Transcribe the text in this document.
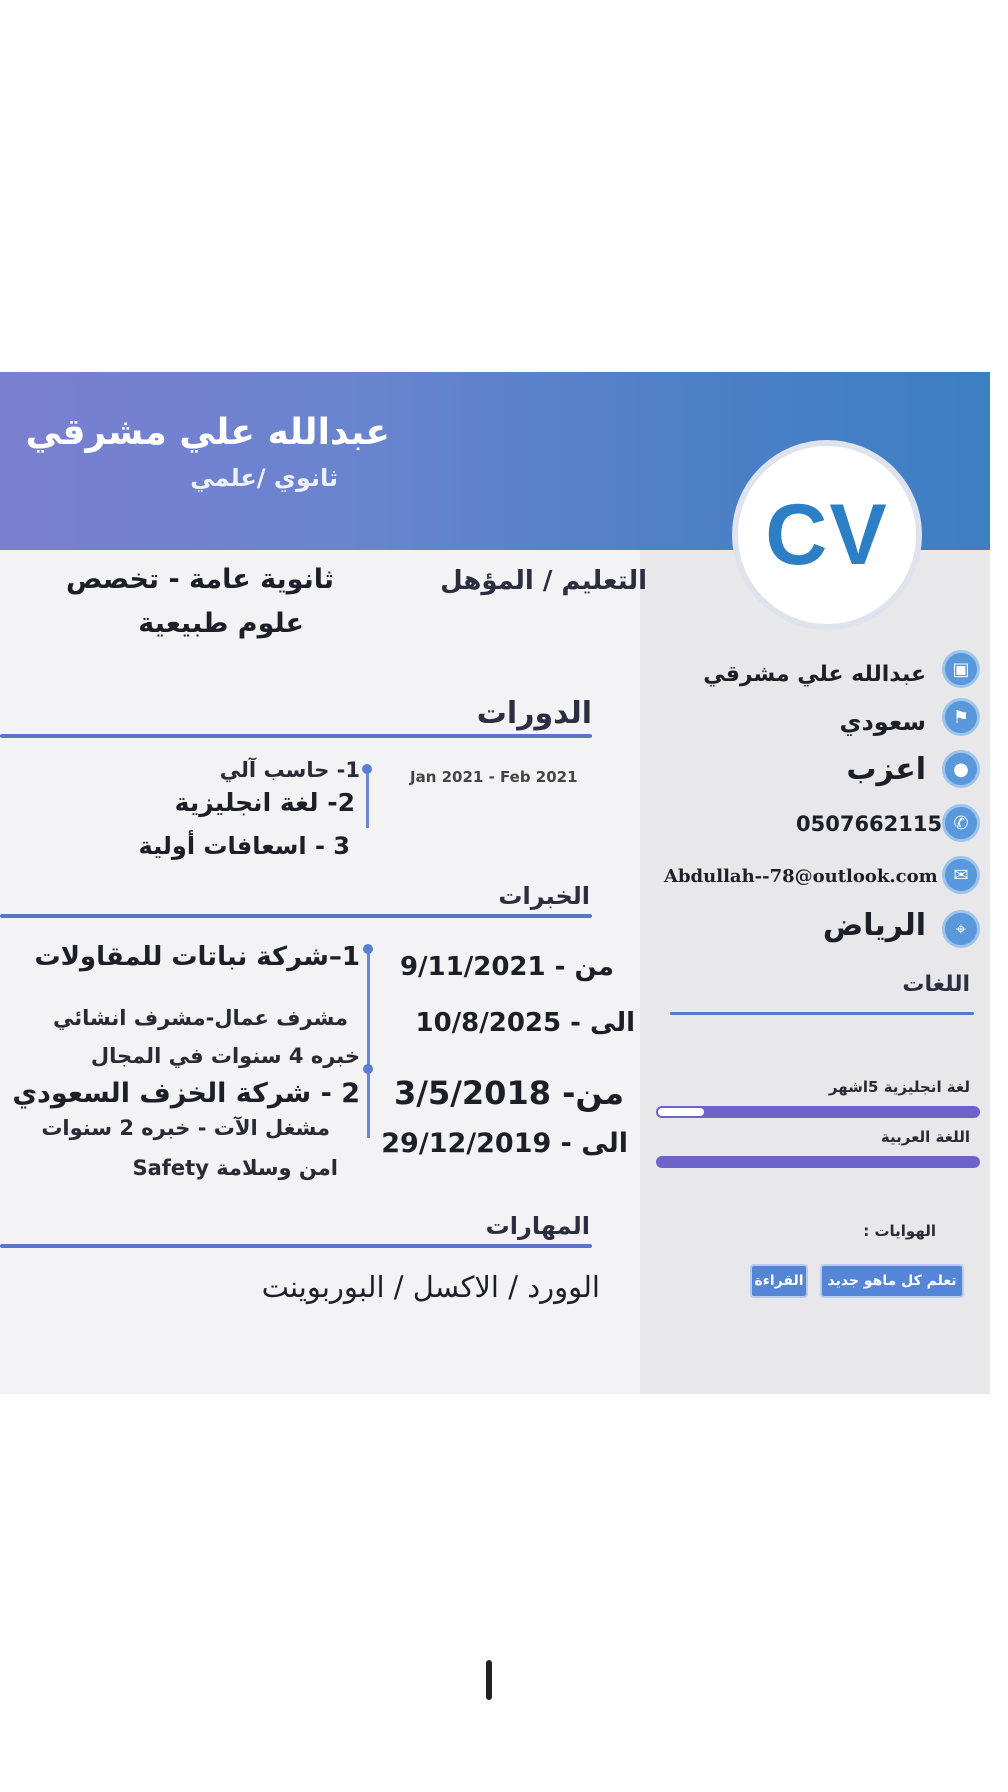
عبدالله علي مشرقي
ثانوي /علمي
CV
التعليم / المؤهل
ثانوية عامة - تخصص
علوم طبيعية
الدورات
Jan 2021 - Feb 2021
1- حاسب آلي
2- لغة انجليزية
3 - اسعافات أولية
الخبرات
1–شركة نباتات للمقاولات من - 9/11/2021
الى - 10/8/2025
مشرف عمال-مشرف انشائي
خبره 4 سنوات في المجال
2 - شركة الخزف السعودي من- 3/5/2018
الى - 29/12/2019
مشغل الآت - خبره 2 سنوات
امن وسلامة Safety
المهارات
الوورد / الاكسل / البوربوينت
▣
عبدالله علي مشرقي
⚑
سعودي
●
اعزب
✆
0507662115
✉
Abdullah--78@outlook.com
⌖
الرياض
اللغات
لغة انجليزية 5اشهر
اللغة العربية
الهوايات :
تعلم كل ماهو جديد
القراءة
